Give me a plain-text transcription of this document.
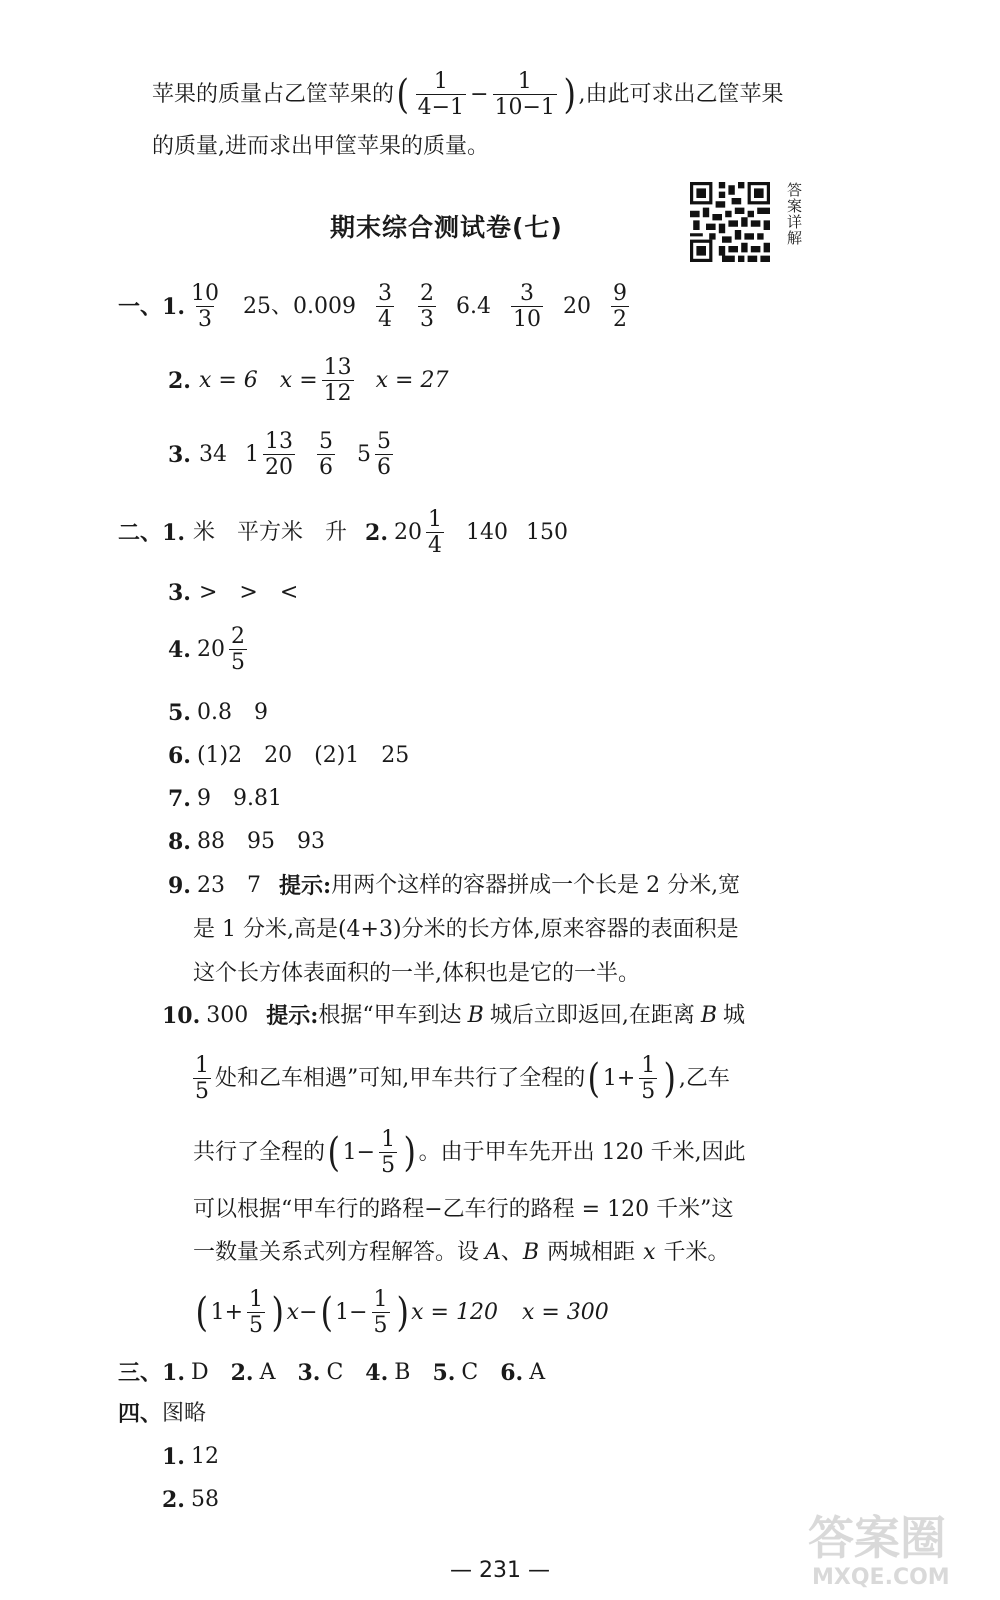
苹果的质量占乙筐苹果的 ( $\frac{1}{4-1} - \frac{1}{10-1}$ ) ,由此可求出乙筐苹果
的质量,进而求出甲筐苹果的质量。
期末综合测试卷(七)	答案详解
一、 1. $\frac{10}{3} 25$、$0.009 \frac{3}{4} \frac{2}{3} 6.4 \frac{3}{10} 20 \frac{9}{2}$
2. x = 6 $x = \frac{13}{12}$ x = 27
3. 34 $1 \frac{13}{20} \frac{5}{6} 5 \frac{5}{6}$
二、 1. 米 平方米 升 2. $20 \frac{1}{4} 140$ 150
3. >　>　<
4. $20 \frac{2}{5}$
5. 0.8　9
6. (1)2　20　(2)1　25
7. 9　9.81
8. 88　95　93
9. 23　7 提示: 用两个这样的容器拼成一个长是 2 分米,宽
是 1 分米,高是(4+3)分米的长方体,原来容器的表面积是
这个长方体表面积的一半,体积也是它的一半。
10. 300 提示: 根据“甲车到达 B 城后立即返回,在距离 B 城
$\frac{1}{5}$ 处和乙车相遇”可知,甲车共行了全程的 ( $1+ \frac{1}{5}$ ) ,乙车
共行了全程的 ( $1- \frac{1}{5}$ ) 。由于甲车先开出 120 千米,因此
可以根据“甲车行的路程−乙车行的路程 = 120 千米”这
一数量关系式列方程解答。设 A 、 B 两城相距 x 千米。
( $1+ \frac{1}{5}$ ) x− ( $1- \frac{1}{5}$ ) x = 120 x = 300
三、 1. D 2. A 3. C 4. B 5. C 6. A
四、 图略
1. 12
2. 58
答案圈
MXQE.COM
— 231 —
